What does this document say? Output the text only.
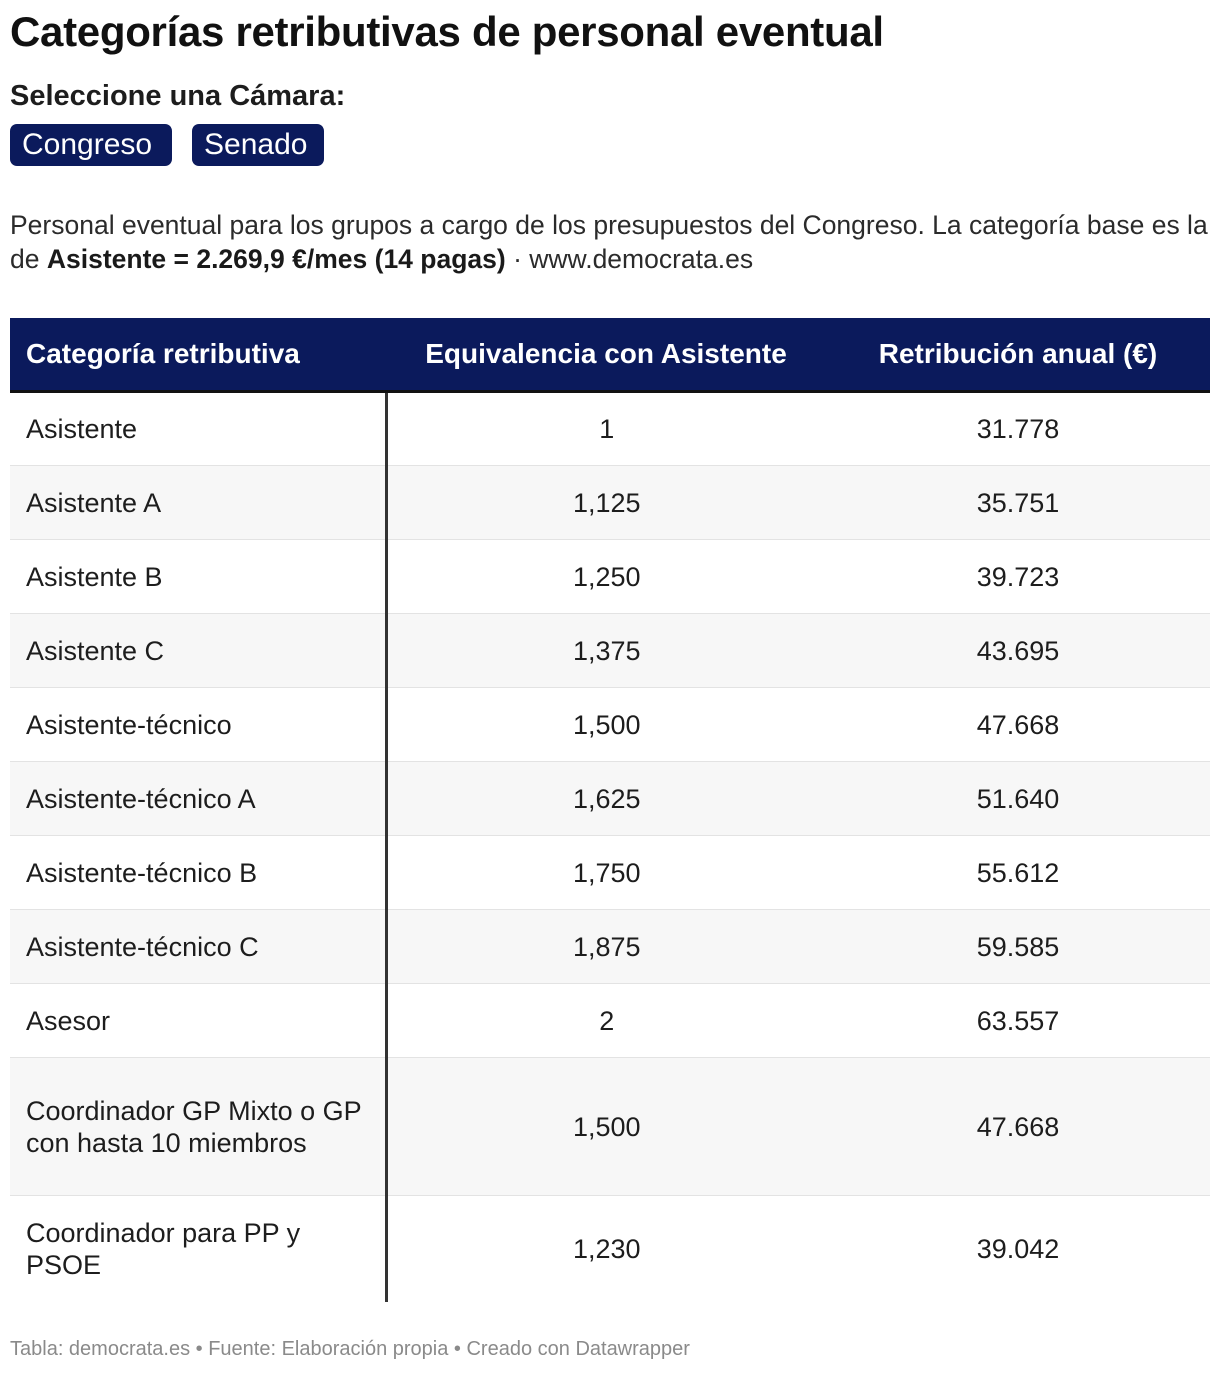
Categorías retributivas de personal eventual
Seleccione una Cámara:
Congreso	Senado
Personal eventual para los grupos a cargo de los presupuestos del Congreso. La categoría base es la de Asistente = 2.269,9 €/mes (14 pagas) · www.democrata.es
Categoría retributiva	Equivalencia con Asistente	Retribución anual (€)
Asistente	1	31.778
Asistente A	1,125	35.751
Asistente B	1,250	39.723
Asistente C	1,375	43.695
Asistente-técnico	1,500	47.668
Asistente-técnico A	1,625	51.640
Asistente-técnico B	1,750	55.612
Asistente-técnico C	1,875	59.585
Asesor	2	63.557
Coordinador GP Mixto o GP con hasta 10 miembros	1,500	47.668
Coordinador para PP y PSOE	1,230	39.042
Tabla: democrata.es • Fuente: Elaboración propia • Creado con Datawrapper
